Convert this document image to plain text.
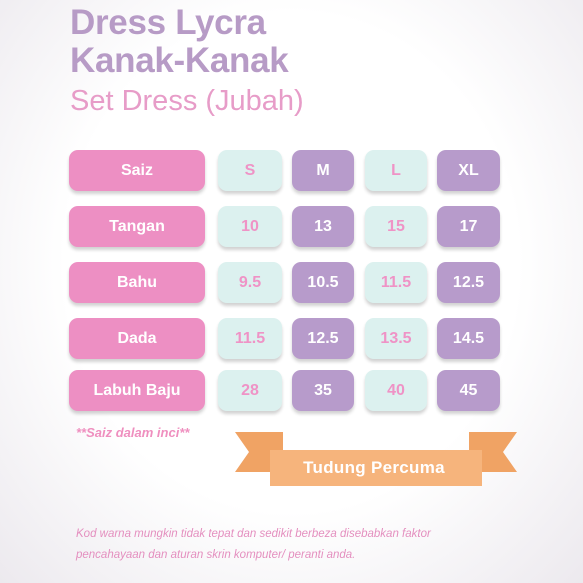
Dress Lycra
Kanak-Kanak
Set Dress (Jubah)
Saiz	S	M	L	XL
Tangan	10	13	15	17
Bahu	9.5	10.5	11.5	12.5
Dada	11.5	12.5	13.5	14.5
Labuh Baju	28	35	40	45
**Saiz dalam inci**
Tudung Percuma
Kod warna mungkin tidak tepat dan sedikit berbeza disebabkan faktor
pencahayaan dan aturan skrin komputer/ peranti anda.
